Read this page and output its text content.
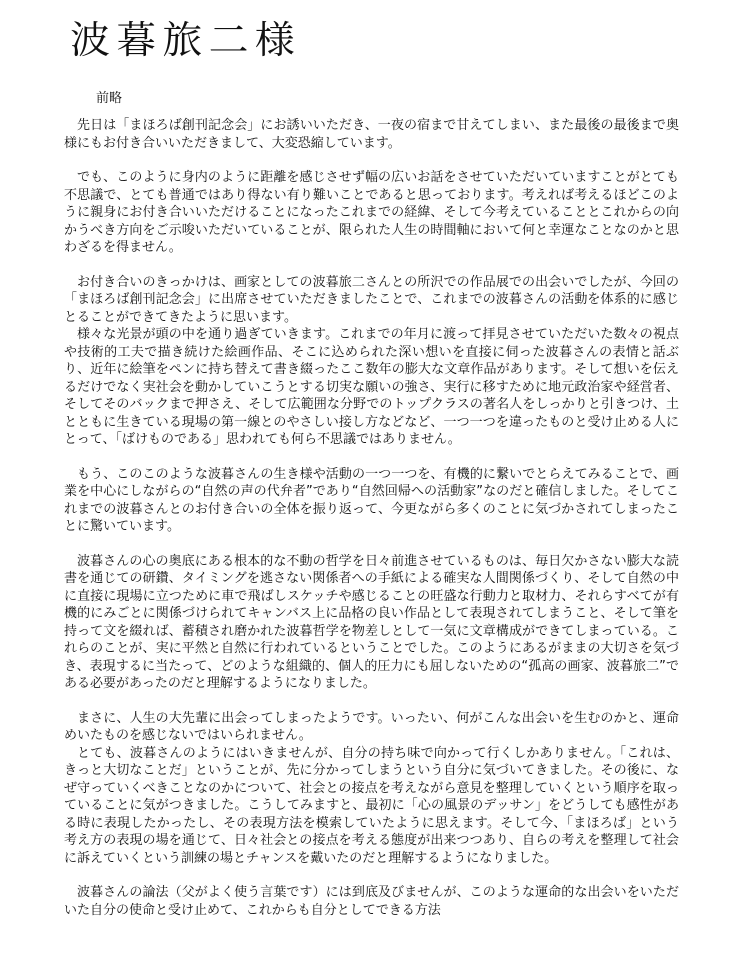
波暮旅二様
前略

先日は「まほろば創刊記念会」にお誘いいただき、一夜の宿まで甘えてしまい、また最後の最後まで奥様にもお付き合いいただきまして、大変恐縮しています。

でも、このように身内のように距離を感じさせず幅の広いお話をさせていただいていますことがとても不思議で、とても普通ではあり得ない有り難いことであると思っております。考えれば考えるほどこのように親身にお付き合いいただけることになったこれまでの経緯、そして今考えていることとこれからの向かうべき方向をご示唆いただいていることが、限られた人生の時間軸において何と幸運なことなのかと思わざるを得ません。

お付き合いのきっかけは、画家としての波暮旅二さんとの所沢での作品展での出会いでしたが、今回の「まほろば創刊記念会」に出席させていただきましたことで、これまでの波暮さんの活動を体系的に感じとることができてきたように思います。

様々な光景が頭の中を通り過ぎていきます。これまでの年月に渡って拝見させていただいた数々の視点や技術的工夫で描き続けた絵画作品、そこに込められた深い想いを直接に伺った波暮さんの表情と話ぶり、近年に絵筆をペンに持ち替えて書き綴ったここ数年の膨大な文章作品があります。そして想いを伝えるだけでなく実社会を動かしていこうとする切実な願いの強さ、実行に移すために地元政治家や経営者、そしてそのバックまで押さえ、そして広範囲な分野でのトップクラスの著名人をしっかりと引きつけ、土とともに生きている現場の第一線とのやさしい接し方などなど、一つ一つを違ったものと受け止める人にとって、「ばけものである」思われても何ら不思議ではありません。

もう、このこのような波暮さんの生き様や活動の一つ一つを、有機的に繋いでとらえてみることで、画業を中心にしながらの“自然の声の代弁者”であり“自然回帰への活動家”なのだと確信しました。そしてこれまでの波暮さんとのお付き合いの全体を振り返って、今更ながら多くのことに気づかされてしまったことに驚いています。

波暮さんの心の奥底にある根本的な不動の哲学を日々前進させているものは、毎日欠かさない膨大な読書を通じての研鑽、タイミングを逃さない関係者への手紙による確実な人間関係づくり、そして自然の中に直接に現場に立つために車で飛ばしスケッチや感じることの旺盛な行動力と取材力、それらすべてが有機的にみごとに関係づけられてキャンバス上に品格の良い作品として表現されてしまうこと、そして筆を持って文を綴れば、蓄積され磨かれた波暮哲学を物差しとして一気に文章構成ができてしまっている。これらのことが、実に平然と自然に行われているということでした。このようにあるがままの大切さを気づき、表現するに当たって、どのような組織的、個人的圧力にも屈しないための“孤高の画家、波暮旅二”である必要があったのだと理解するようになりました。

まさに、人生の大先輩に出会ってしまったようです。いったい、何がこんな出会いを生むのかと、運命めいたものを感じないではいられません。

とても、波暮さんのようにはいきませんが、自分の持ち味で向かって行くしかありません。「これは、きっと大切なことだ」ということが、先に分かってしまうという自分に気づいてきました。その後に、なぜ守っていくべきことなのかについて、社会との接点を考えながら意見を整理していくという順序を取っていることに気がつきました。こうしてみますと、最初に「心の風景のデッサン」をどうしても感性がある時に表現したかったし、その表現方法を模索していたように思えます。そして今、「まほろば」という考え方の表現の場を通じて、日々社会との接点を考える態度が出来つつあり、自らの考えを整理して社会に訴えていくという訓練の場とチャンスを戴いたのだと理解するようになりました。

波暮さんの論法（父がよく使う言葉です）には到底及びませんが、このような運命的な出会いをいただいた自分の使命と受け止めて、これからも自分としてできる方法
